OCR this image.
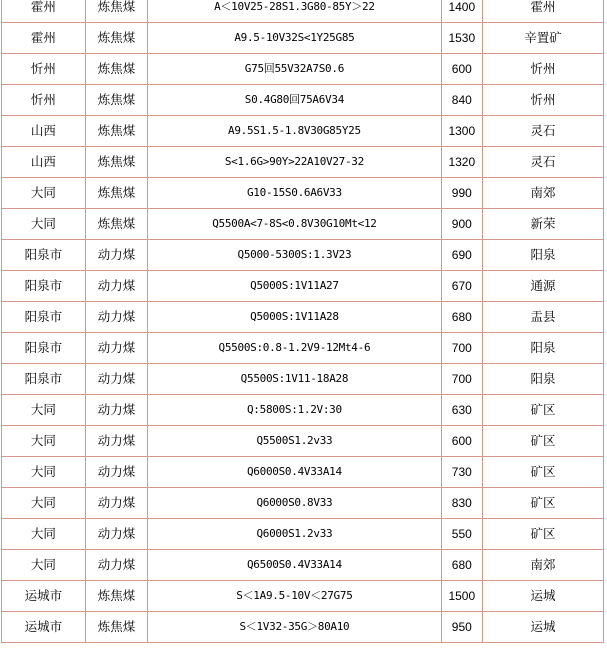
霍州	炼焦煤	A＜10V25-28S1.3G80-85Y＞22	1400	霍州
霍州	炼焦煤	A9.5-10V32S<1Y25G85	1530	辛置矿
忻州	炼焦煤	G75回55V32A7S0.6	600	忻州
忻州	炼焦煤	S0.4G80回75A6V34	840	忻州
山西	炼焦煤	A9.5S1.5-1.8V30G85Y25	1300	灵石
山西	炼焦煤	S<1.6G>90Y>22A10V27-32	1320	灵石
大同	炼焦煤	G10-15S0.6A6V33	990	南郊
大同	炼焦煤	Q5500A<7-8S<0.8V30G10Mt<12	900	新荣
阳泉市	动力煤	Q5000-5300S:1.3V23	690	阳泉
阳泉市	动力煤	Q5000S:1V11A27	670	通源
阳泉市	动力煤	Q5000S:1V11A28	680	盂县
阳泉市	动力煤	Q5500S:0.8-1.2V9-12Mt4-6	700	阳泉
阳泉市	动力煤	Q5500S:1V11-18A28	700	阳泉
大同	动力煤	Q:5800S:1.2V:30	630	矿区
大同	动力煤	Q5500S1.2v33	600	矿区
大同	动力煤	Q6000S0.4V33A14	730	矿区
大同	动力煤	Q6000S0.8V33	830	矿区
大同	动力煤	Q6000S1.2v33	550	矿区
大同	动力煤	Q6500S0.4V33A14	680	南郊
运城市	炼焦煤	S＜1A9.5-10V＜27G75	1500	运城
运城市	炼焦煤	S＜1V32-35G＞80A10	950	运城
